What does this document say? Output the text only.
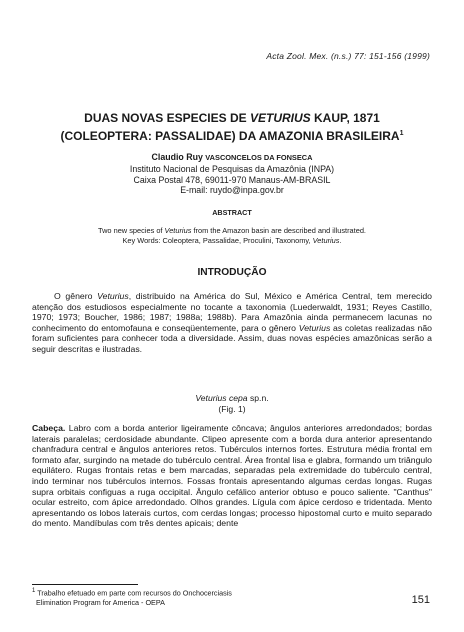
Acta Zool. Mex. (n.s.) 77: 151-156 (1999)
DUAS NOVAS ESPECIES DE VETURIUS KAUP, 1871
(COLEOPTERA: PASSALIDAE) DA AMAZONIA BRASILEIRA$^1$
Claudio Ruy VASCONCELOS DA FONSECA
Instituto Nacional de Pesquisas da Amazônia (INPA)
Caixa Postal 478, 69011-970 Manaus-AM-BRASIL
E-mail: ruydo@inpa.gov.br
ABSTRACT
Two new species of Veturius from the Amazon basin are described and illustrated.
Key Words: Coleoptera, Passalidae, Proculini, Taxonomy, Veturius.
INTRODUÇÃO
O gênero Veturius, distribuido na América do Sul, México e América Central, tem merecido atenção dos estudiosos especialmente no tocante a taxonomia (Luederwaldt, 1931; Reyes Castillo, 1970; 1973; Boucher, 1986; 1987; 1988a; 1988b). Para Amazônia ainda permanecem lacunas no conhecimento do entomofauna e conseqüentemente, para o gênero Veturius as coletas realizadas não foram suficientes para conhecer toda a diversidade. Assim, duas novas espécies amazônicas serão a seguir descritas e ilustradas.
Veturius cepa sp.n.
(Fig. 1)
Cabeça. Labro com a borda anterior ligeiramente côncava; ângulos anteriores arredondados; bordas laterais paralelas; cerdosidade abundante. Clipeo apresente com a borda dura anterior apresentando chanfradura central e ângulos anteriores retos. Tubérculos internos fortes. Estrutura média frontal em formato afar, surgindo na metade do tubérculo central. Área frontal lisa e glabra, formando um triângulo equilátero. Rugas frontais retas e bem marcadas, separadas pela extremidade do tubérculo central, indo terminar nos tubérculos internos. Fossas frontais apresentando algumas cerdas longas. Rugas supra orbitais configuas a ruga occipital. Ângulo cefálico anterior obtuso e pouco saliente. "Canthus" ocular estreito, com ápice arredondado. Olhos grandes. Lígula com ápice cerdoso e tridentada. Mento apresentando os lobos laterais curtos, com cerdas longas; processo hipostomal curto e muito separado do mento. Mandíbulas com três dentes apicais; dente
$^1$ Trabalho efetuado em parte com recursos do Onchocerciasis
Elimination Program for America - OEPA	151
